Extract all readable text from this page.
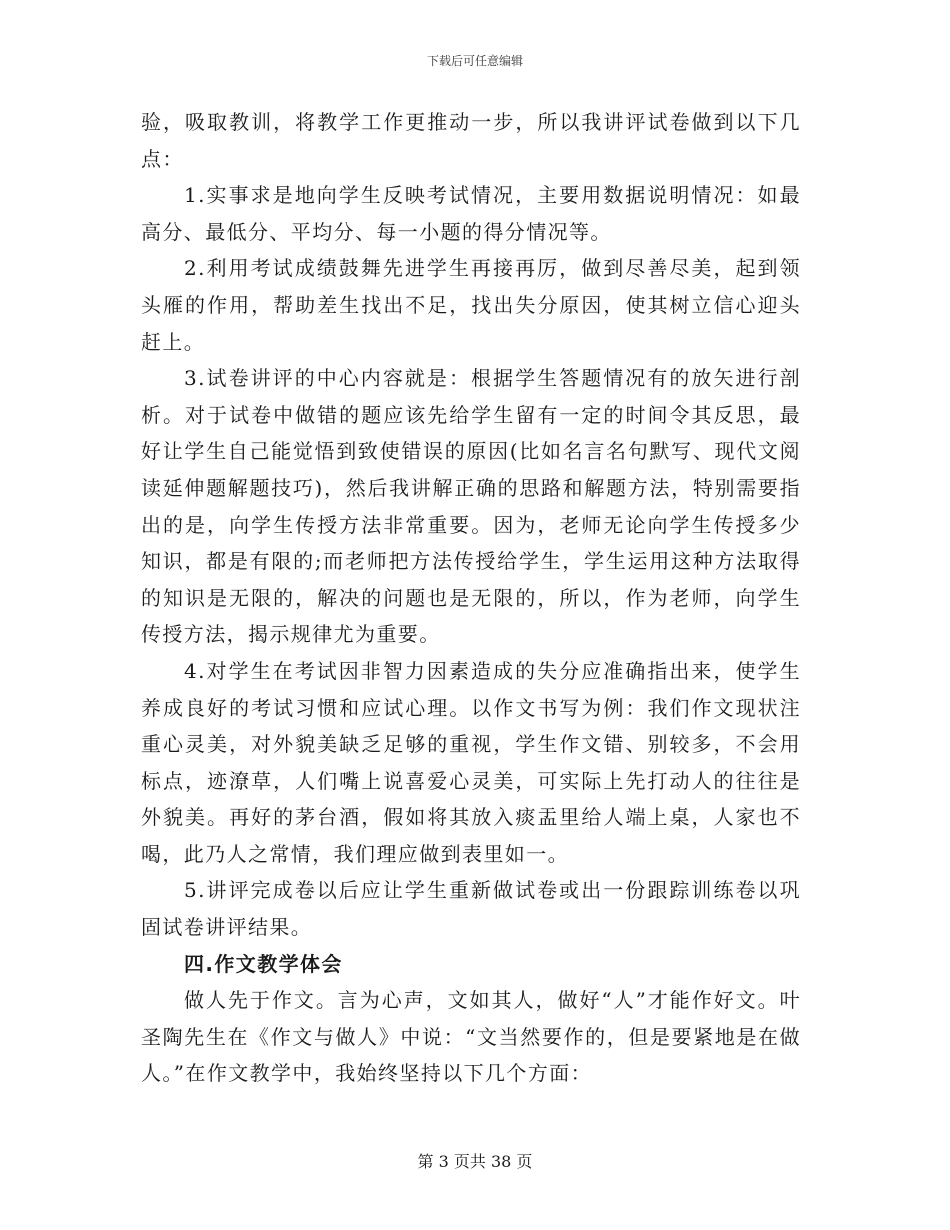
下载后可任意编辑

验，吸取教训，将教学工作更推动一步，所以我讲评试卷做到以下几点：

1.实事求是地向学生反映考试情况，主要用数据说明情况：如最高分、最低分、平均分、每一小题的得分情况等。

2.利用考试成绩鼓舞先进学生再接再厉，做到尽善尽美，起到领头雁的作用，帮助差生找出不足，找出失分原因，使其树立信心迎头赶上。

3.试卷讲评的中心内容就是：根据学生答题情况有的放矢进行剖析。对于试卷中做错的题应该先给学生留有一定的时间令其反思，最好让学生自己能觉悟到致使错误的原因(比如名言名句默写、现代文阅读延伸题解题技巧)，然后我讲解正确的思路和解题方法，特别需要指出的是，向学生传授方法非常重要。因为，老师无论向学生传授多少知识，都是有限的;而老师把方法传授给学生，学生运用这种方法取得的知识是无限的，解决的问题也是无限的，所以，作为老师，向学生传授方法，揭示规律尤为重要。

4.对学生在考试因非智力因素造成的失分应准确指出来，使学生养成良好的考试习惯和应试心理。以作文书写为例：我们作文现状注重心灵美，对外貌美缺乏足够的重视，学生作文错、别较多，不会用标点，迹潦草，人们嘴上说喜爱心灵美，可实际上先打动人的往往是外貌美。再好的茅台酒，假如将其放入痰盂里给人端上桌，人家也不喝，此乃人之常情，我们理应做到表里如一。

5.讲评完成卷以后应让学生重新做试卷或出一份跟踪训练卷以巩固试卷讲评结果。

四.作文教学体会

做人先于作文。言为心声，文如其人，做好“人”才能作好文。叶圣陶先生在《作文与做人》中说：“文当然要作的，但是要紧地是在做人。”在作文教学中，我始终坚持以下几个方面：

第 3 页共 38 页
